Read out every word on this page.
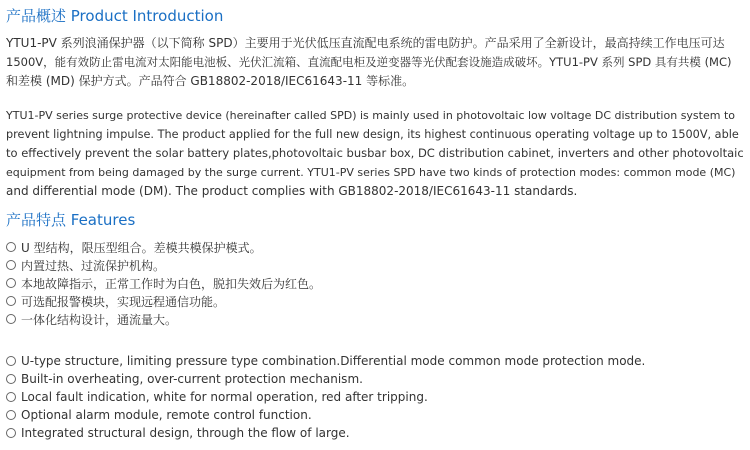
产品概述 Product Introduction
YTU1-PV 系列浪涌保护器（以下简称 SPD）主要用于光伏低压直流配电系统的雷电防护。产品采用了全新设计，最高持续工作电压可达
1500V，能有效防止雷电流对太阳能电池板、光伏汇流箱、直流配电柜及逆变器等光伏配套设施造成破坏。YTU1-PV 系列 SPD 具有共模 (MC)
和差模 (MD) 保护方式。产品符合 GB18802-2018/IEC61643-11 等标准。
YTU1-PV series surge protective device (hereinafter called SPD) is mainly used in photovoltaic low voltage DC distribution system to
prevent lightning impulse. The product applied for the full new design, its highest continuous operating voltage up to 1500V, able
to effectively prevent the solar battery plates,photovoltaic busbar box, DC distribution cabinet, inverters and other photovoltaic
equipment from being damaged by the surge current. YTU1-PV series SPD have two kinds of protection modes: common mode (MC)
and differential mode (DM). The product complies with GB18802-2018/IEC61643-11 standards.
产品特点 Features
U 型结构，限压型组合。差模共模保护模式。
内置过热、过流保护机构。
本地故障指示，正常工作时为白色，脱扣失效后为红色。
可选配报警模块，实现远程通信功能。
一体化结构设计，通流量大。
U-type structure, limiting pressure type combination.Differential mode common mode protection mode.
Built-in overheating, over-current protection mechanism.
Local fault indication, white for normal operation, red after tripping.
Optional alarm module, remote control function.
Integrated structural design, through the flow of large.
